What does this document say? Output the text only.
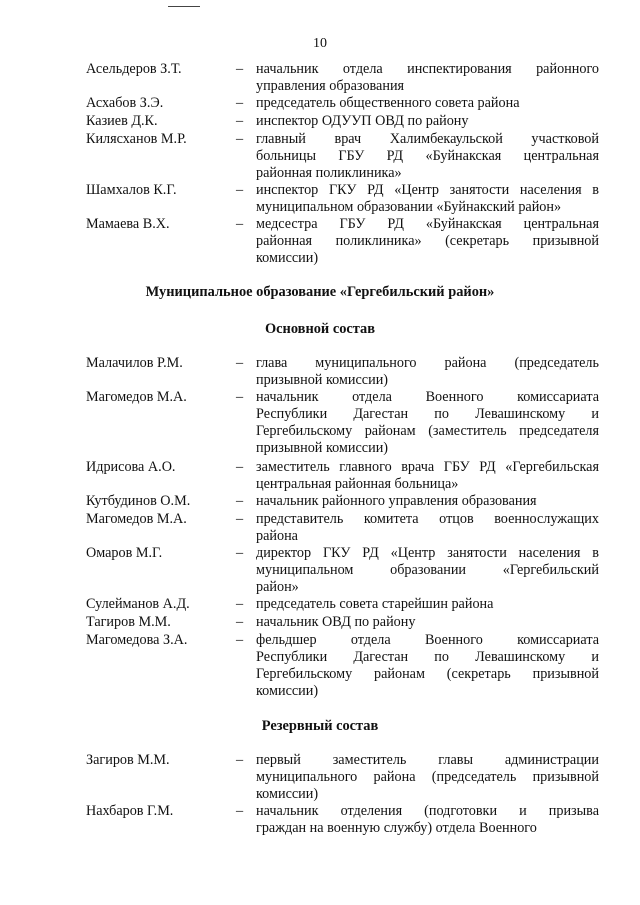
10
Асельдеров З.Т.	– начальник отдела инспектирования районного
управления образования
Асхабов З.Э.	– председатель общественного совета района
Казиев Д.К.	– инспектор ОДУУП ОВД по району
Килясханов М.Р.	– главный врач Халимбекаульской участковой
больницы ГБУ РД «Буйнакская центральная
районная поликлиника»
Шамхалов К.Г.	– инспектор ГКУ РД «Центр занятости населения в
муниципальном образовании «Буйнакский район»
Мамаева В.Х.	– медсестра ГБУ РД «Буйнакская центральная
районная поликлиника» (секретарь призывной
комиссии)
Муниципальное образование «Гергебильский район»
Основной состав
Малачилов Р.М.	– глава муниципального района (председатель
призывной комиссии)
Магомедов М.А.	– начальник отдела Военного комиссариата
Республики Дагестан по Левашинскому и
Гергебильскому районам (заместитель председателя
призывной комиссии)
Идрисова А.О.	– заместитель главного врача ГБУ РД «Гергебильская
центральная районная больница»
Кутбудинов О.М.	– начальник районного управления образования
Магомедов М.А.	– представитель комитета отцов военнослужащих
района
Омаров М.Г.	– директор ГКУ РД «Центр занятости населения в
муниципальном образовании «Гергебильский
район»
Сулейманов А.Д.	– председатель совета старейшин района
Тагиров М.М.	– начальник ОВД по району
Магомедова З.А.	– фельдшер отдела Военного комиссариата
Республики Дагестан по Левашинскому и
Гергебильскому районам (секретарь призывной
комиссии)
Резервный состав
Загиров М.М.	– первый заместитель главы администрации
муниципального района (председатель призывной
комиссии)
Нахбаров Г.М.	– начальник отделения (подготовки и призыва
граждан на военную службу) отдела Военного
